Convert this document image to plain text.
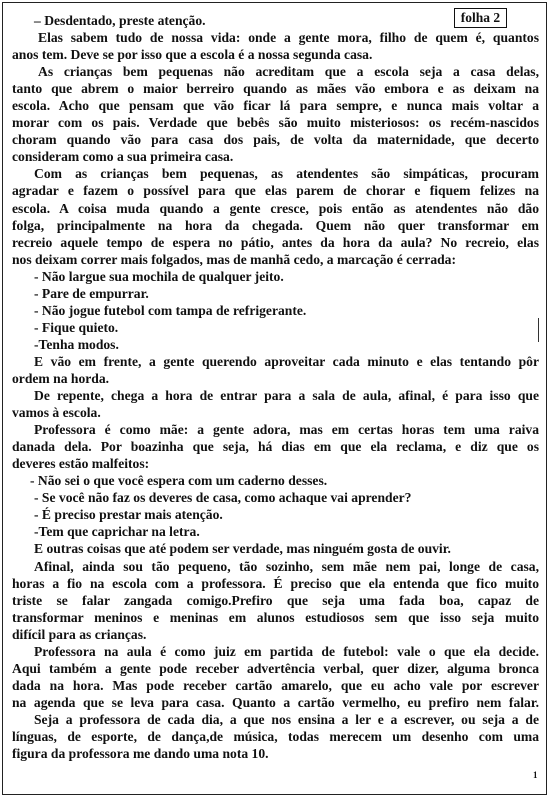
folha 2
– Desdentado, preste atenção.
Elas sabem tudo de nossa vida: onde a gente mora, filho de quem é, quantos
anos tem. Deve se por isso que a escola é a nossa segunda casa.
As crianças bem pequenas não acreditam que a escola seja a casa delas,
tanto que abrem o maior berreiro quando as mães vão embora e as deixam na
escola. Acho que pensam que vão ficar lá para sempre, e nunca mais voltar a
morar com os pais. Verdade que bebês são muito misteriosos: os recém-nascidos
choram quando vão para casa dos pais, de volta da maternidade, que decerto
consideram como a sua primeira casa.
Com as crianças bem pequenas, as atendentes são simpáticas, procuram
agradar e fazem o possível para que elas parem de chorar e fiquem felizes na
escola. A coisa muda quando a gente cresce, pois então as atendentes não dão
folga, principalmente na hora da chegada. Quem não quer transformar em
recreio aquele tempo de espera no pátio, antes da hora da aula? No recreio, elas
nos deixam correr mais folgados, mas de manhã cedo, a marcação é cerrada:
- Não largue sua mochila de qualquer jeito.
- Pare de empurrar.
- Não jogue futebol com tampa de refrigerante.
- Fique quieto.
-Tenha modos.
E vão em frente, a gente querendo aproveitar cada minuto e elas tentando pôr
ordem na horda.
De repente, chega a hora de entrar para a sala de aula, afinal, é para isso que
vamos à escola.
Professora é como mãe: a gente adora, mas em certas horas tem uma raiva
danada dela. Por boazinha que seja, há dias em que ela reclama, e diz que os
deveres estão malfeitos:
- Não sei o que você espera com um caderno desses.
- Se você não faz os deveres de casa, como achaque vai aprender?
- É preciso prestar mais atenção.
-Tem que caprichar na letra.
E outras coisas que até podem ser verdade, mas ninguém gosta de ouvir.
Afinal, ainda sou tão pequeno, tão sozinho, sem mãe nem pai, longe de casa,
horas a fio na escola com a professora. É preciso que ela entenda que fico muito
triste se falar zangada comigo.Prefiro que seja uma fada boa, capaz de
transformar meninos e meninas em alunos estudiosos sem que isso seja muito
difícil para as crianças.
Professora na aula é como juiz em partida de futebol: vale o que ela decide.
Aqui também a gente pode receber advertência verbal, quer dizer, alguma bronca
dada na hora. Mas pode receber cartão amarelo, que eu acho vale por escrever
na agenda que se leva para casa. Quanto a cartão vermelho, eu prefiro nem falar.
Seja a professora de cada dia, a que nos ensina a ler e a escrever, ou seja a de
línguas, de esporte, de dança,de música, todas merecem um desenho com uma
figura da professora me dando uma nota 10.
1
